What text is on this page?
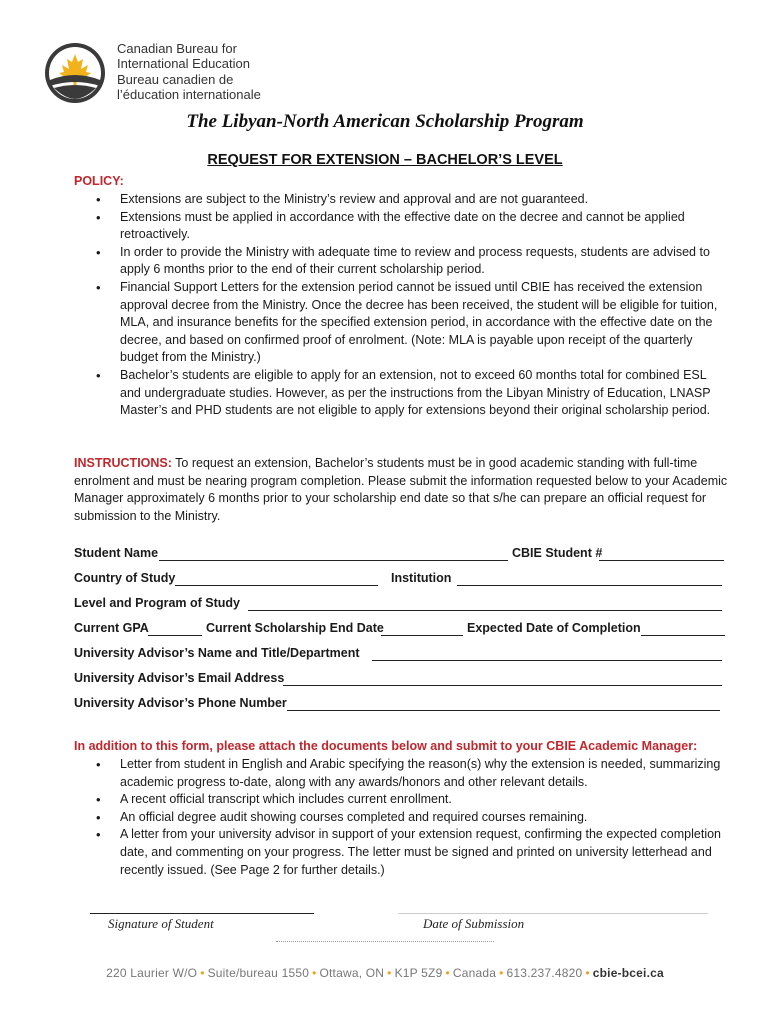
Canadian Bureau for
International Education
Bureau canadien de
l’éducation internationale
The Libyan-North American Scholarship Program
REQUEST FOR EXTENSION – BACHELOR’S LEVEL
POLICY:
• Extensions are subject to the Ministry’s review and approval and are not guaranteed.
• Extensions must be applied in accordance with the effective date on the decree and cannot be applied retroactively.
• In order to provide the Ministry with adequate time to review and process requests, students are advised to apply 6 months prior to the end of their current scholarship period.
• Financial Support Letters for the extension period cannot be issued until CBIE has received the extension approval decree from the Ministry. Once the decree has been received, the student will be eligible for tuition, MLA, and insurance benefits for the specified extension period, in accordance with the effective date on the decree, and based on confirmed proof of enrolment. (Note: MLA is payable upon receipt of the quarterly budget from the Ministry.)
• Bachelor’s students are eligible to apply for an extension, not to exceed 60 months total for combined ESL and undergraduate studies. However, as per the instructions from the Libyan Ministry of Education, LNASP Master’s and PHD students are not eligible to apply for extensions beyond their original scholarship period.
INSTRUCTIONS: To request an extension, Bachelor’s students must be in good academic standing with full-time enrolment and must be nearing program completion. Please submit the information requested below to your Academic Manager approximately 6 months prior to your scholarship end date so that s/he can prepare an official request for submission to the Ministry.
Student Name	CBIE Student #
Country of Study	Institution
Level and Program of Study
Current GPA	Current Scholarship End Date	Expected Date of Completion
University Advisor’s Name and Title/Department
University Advisor’s Email Address
University Advisor’s Phone Number
In addition to this form, please attach the documents below and submit to your CBIE Academic Manager:
• Letter from student in English and Arabic specifying the reason(s) why the extension is needed, summarizing academic progress to-date, along with any awards/honors and other relevant details.
• A recent official transcript which includes current enrollment.
• An official degree audit showing courses completed and required courses remaining.
• A letter from your university advisor in support of your extension request, confirming the expected completion date, and commenting on your progress. The letter must be signed and printed on university letterhead and recently issued. (See Page 2 for further details.)
Signature of Student	Date of Submission
220 Laurier W/O • Suite/bureau 1550 • Ottawa, ON • K1P 5Z9 • Canada • 613.237.4820 • cbie-bcei.ca
